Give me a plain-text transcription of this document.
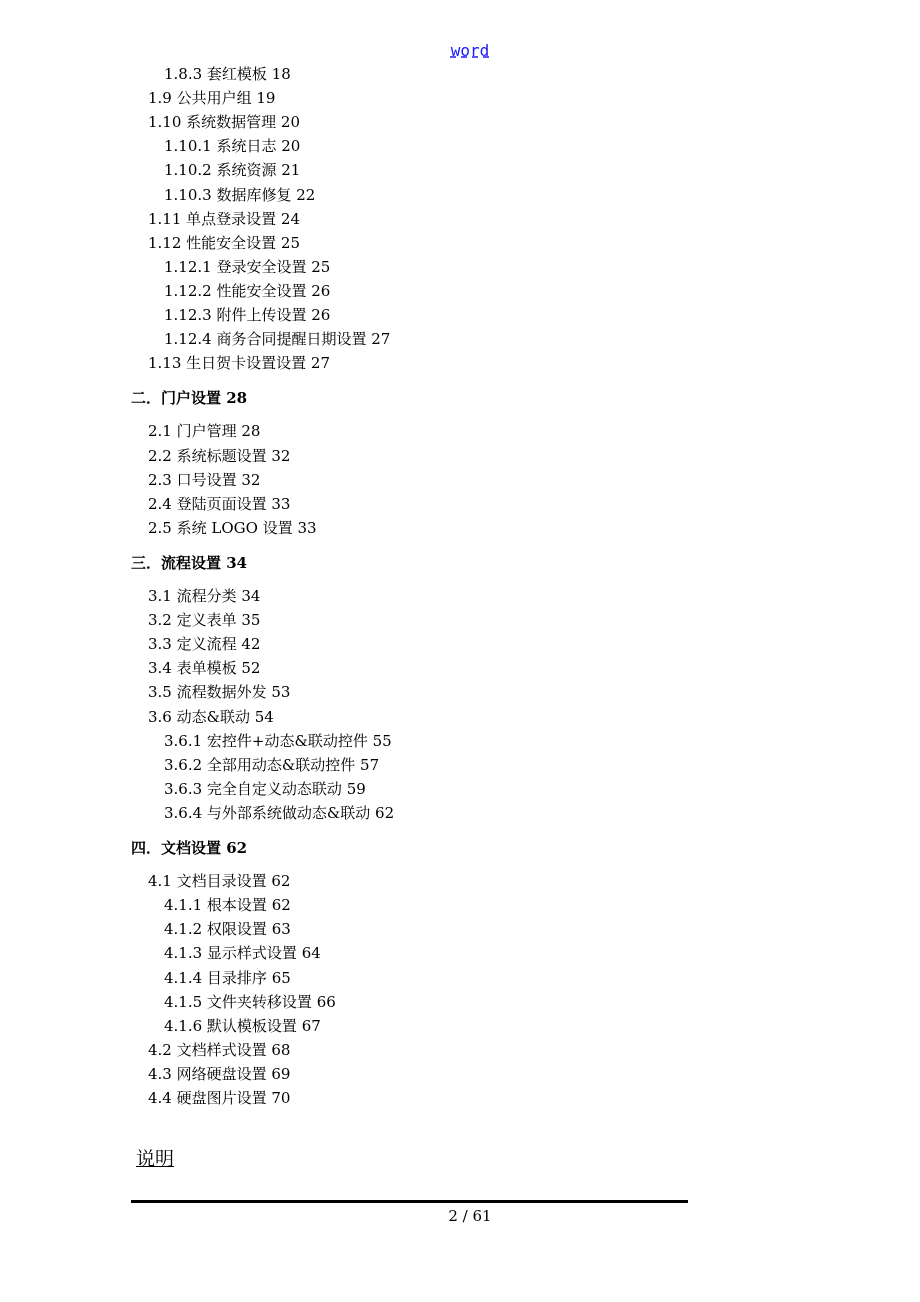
word
1.8.3 套红模板 18
1.9 公共用户组 19
1.10 系统数据管理 20
1.10.1 系统日志 20
1.10.2 系统资源 21
1.10.3 数据库修复 22
1.11 单点登录设置 24
1.12 性能安全设置 25
1.12.1 登录安全设置 25
1.12.2 性能安全设置 26
1.12.3 附件上传设置 26
1.12.4 商务合同提醒日期设置 27
1.13 生日贺卡设置设置 27
二．门户设置 28
2.1 门户管理 28
2.2 系统标题设置 32
2.3 口号设置 32
2.4 登陆页面设置 33
2.5 系统 LOGO 设置 33
三．流程设置 34
3.1 流程分类 34
3.2 定义表单 35
3.3 定义流程 42
3.4 表单模板 52
3.5 流程数据外发 53
3.6 动态&联动 54
3.6.1 宏控件+动态&联动控件 55
3.6.2 全部用动态&联动控件 57
3.6.3 完全自定义动态联动 59
3.6.4 与外部系统做动态&联动 62
四．文档设置 62
4.1 文档目录设置 62
4.1.1 根本设置 62
4.1.2 权限设置 63
4.1.3 显示样式设置 64
4.1.4 目录排序 65
4.1.5 文件夹转移设置 66
4.1.6 默认模板设置 67
4.2 文档样式设置 68
4.3 网络硬盘设置 69
4.4 硬盘图片设置 70
说明
2 / 61
